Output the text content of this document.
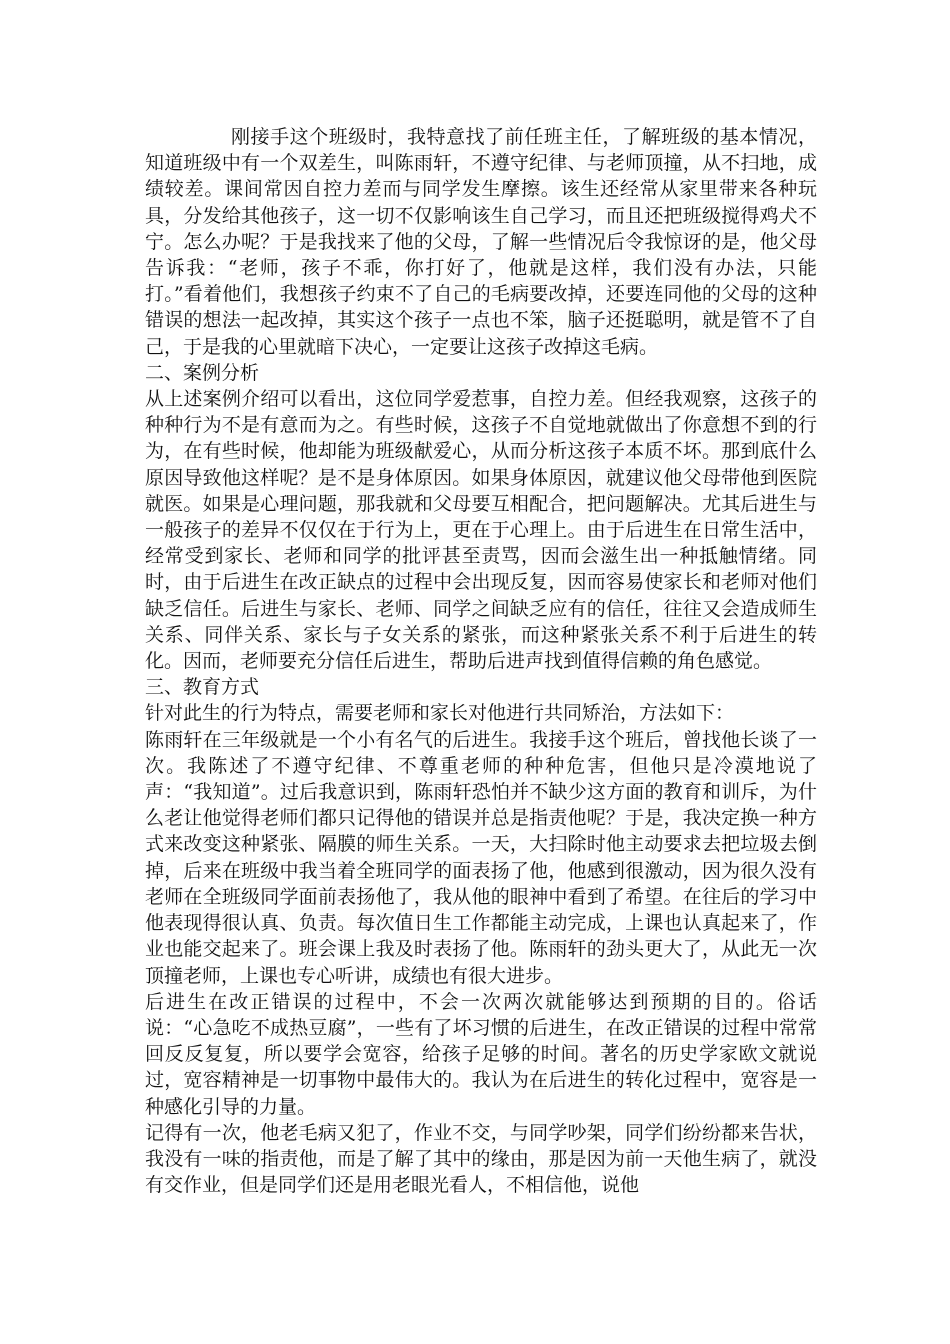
刚接手这个班级时，我特意找了前任班主任，了解班级的基本情况，知道班级中有一个双差生，叫陈雨轩，不遵守纪律、与老师顶撞，从不扫地，成绩较差。课间常因自控力差而与同学发生摩擦。该生还经常从家里带来各种玩具，分发给其他孩子，这一切不仅影响该生自己学习，而且还把班级搅得鸡犬不宁。怎么办呢？于是我找来了他的父母，了解一些情况后令我惊讶的是，他父母告诉我：“老师，孩子不乖，你打好了，他就是这样，我们没有办法，只能打。”看着他们，我想孩子约束不了自己的毛病要改掉，还要连同他的父母的这种错误的想法一起改掉，其实这个孩子一点也不笨，脑子还挺聪明，就是管不了自己，于是我的心里就暗下决心，一定要让这孩子改掉这毛病。

二、案例分析

从上述案例介绍可以看出，这位同学爱惹事，自控力差。但经我观察，这孩子的种种行为不是有意而为之。有些时候，这孩子不自觉地就做出了你意想不到的行为，在有些时候，他却能为班级献爱心，从而分析这孩子本质不坏。那到底什么原因导致他这样呢？是不是身体原因。如果身体原因，就建议他父母带他到医院就医。如果是心理问题，那我就和父母要互相配合，把问题解决。尤其后进生与一般孩子的差异不仅仅在于行为上，更在于心理上。由于后进生在日常生活中，经常受到家长、老师和同学的批评甚至责骂，因而会滋生出一种抵触情绪。同时，由于后进生在改正缺点的过程中会出现反复，因而容易使家长和老师对他们缺乏信任。后进生与家长、老师、同学之间缺乏应有的信任，往往又会造成师生关系、同伴关系、家长与子女关系的紧张，而这种紧张关系不利于后进生的转化。因而，老师要充分信任后进生，帮助后进声找到值得信赖的角色感觉。

三、教育方式

针对此生的行为特点，需要老师和家长对他进行共同矫治，方法如下：

陈雨轩在三年级就是一个小有名气的后进生。我接手这个班后，曾找他长谈了一次。我陈述了不遵守纪律、不尊重老师的种种危害，但他只是冷漠地说了声：“我知道”。过后我意识到，陈雨轩恐怕并不缺少这方面的教育和训斥，为什么老让他觉得老师们都只记得他的错误并总是指责他呢？于是，我决定换一种方式来改变这种紧张、隔膜的师生关系。一天，大扫除时他主动要求去把垃圾去倒掉，后来在班级中我当着全班同学的面表扬了他，他感到很激动，因为很久没有老师在全班级同学面前表扬他了，我从他的眼神中看到了希望。在往后的学习中他表现得很认真、负责。每次值日生工作都能主动完成，上课也认真起来了，作业也能交起来了。班会课上我及时表扬了他。陈雨轩的劲头更大了，从此无一次顶撞老师，上课也专心听讲，成绩也有很大进步。

后进生在改正错误的过程中，不会一次两次就能够达到预期的目的。俗话说：“心急吃不成热豆腐”，一些有了坏习惯的后进生，在改正错误的过程中常常回反反复复，所以要学会宽容，给孩子足够的时间。著名的历史学家欧文就说过，宽容精神是一切事物中最伟大的。我认为在后进生的转化过程中，宽容是一种感化引导的力量。

记得有一次，他老毛病又犯了，作业不交，与同学吵架，同学们纷纷都来告状，我没有一味的指责他，而是了解了其中的缘由，那是因为前一天他生病了，就没有交作业，但是同学们还是用老眼光看人，不相信他，说他
